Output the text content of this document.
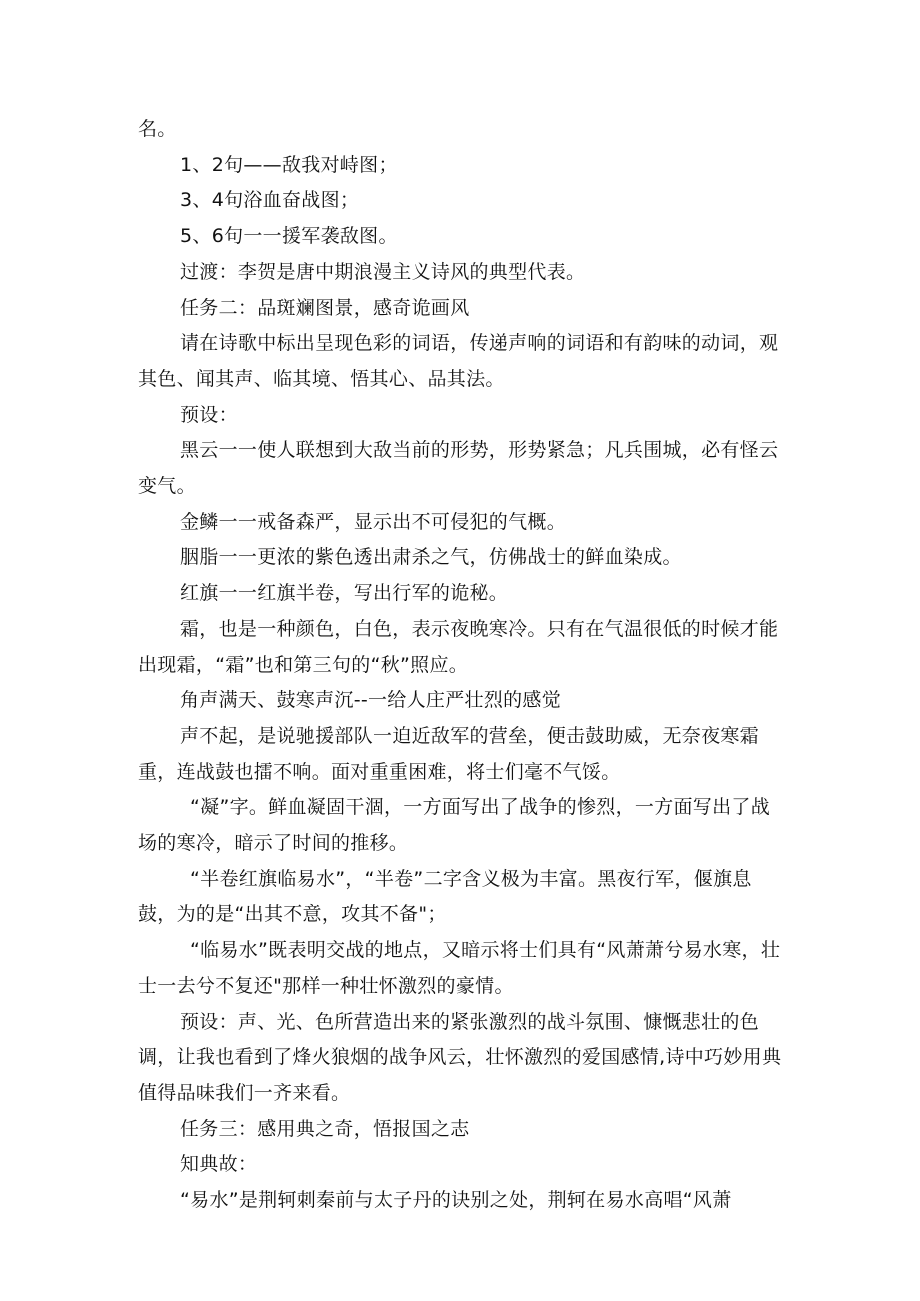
名。

1、2句——敌我对峙图；

3、4句浴血奋战图；

5、6句一一援军袭敌图。

过渡：李贺是唐中期浪漫主义诗风的典型代表。

任务二：品斑斓图景，感奇诡画风

请在诗歌中标出呈现色彩的词语，传递声响的词语和有韵味的动词，观其色、闻其声、临其境、悟其心、品其法。

预设：

黑云一一使人联想到大敌当前的形势，形势紧急；凡兵围城，必有怪云变气。

金鳞一一戒备森严，显示出不可侵犯的气概。

胭脂一一更浓的紫色透出肃杀之气，仿佛战士的鲜血染成。

红旗一一红旗半卷，写出行军的诡秘。

霜，也是一种颜色，白色，表示夜晚寒冷。只有在气温很低的时候才能出现霜，“霜”也和第三句的“秋”照应。

角声满天、鼓寒声沉--一给人庄严壮烈的感觉

声不起，是说驰援部队一迫近敌军的营垒，便击鼓助威，无奈夜寒霜重，连战鼓也擂不响。面对重重困难，将士们毫不气馁。

“凝”字。鲜血凝固干涸，一方面写出了战争的惨烈，一方面写出了战场的寒冷，暗示了时间的推移。

“半卷红旗临易水”，“半卷”二字含义极为丰富。黑夜行军，偃旗息鼓，为的是“出其不意，攻其不备"；

“临易水”既表明交战的地点，又暗示将士们具有“风萧萧兮易水寒，壮士一去兮不复还"那样一种壮怀激烈的豪情。

预设：声、光、色所营造出来的紧张激烈的战斗氛围、慷慨悲壮的色调，让我也看到了烽火狼烟的战争风云，壮怀激烈的爱国感情,诗中巧妙用典值得品味我们一齐来看。

任务三：感用典之奇，悟报国之志

知典故：

“易水”是荆轲刺秦前与太子丹的诀别之处，荆轲在易水高唱“风萧
